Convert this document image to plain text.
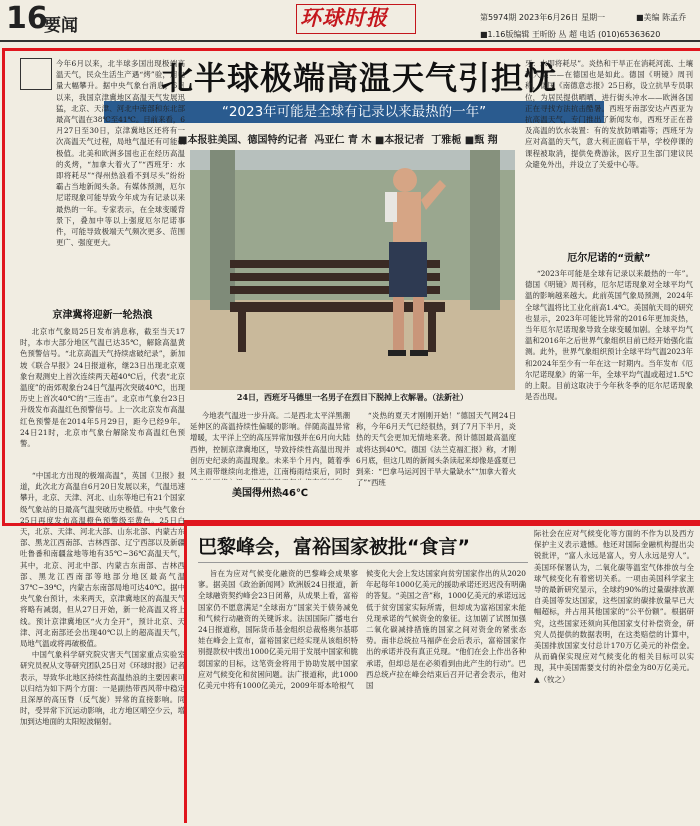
16
要闻	环球时报	第5974期 2023年6月26日 星期一	■美编 陈孟乔
■1.16版编辑 王昕盼 丛 超 电话 (010)65363620
北半球极端高温天气引担忧
“2023年可能是全球有记录以来最热的一年”
■本报驻美国、德国特约记者  冯亚仁 青 木 ■本报记者  丁雅栀 ■甄 翔

今年6月以来，北半球多国出现极端高温天气，民众生活生产遇“烤”验，用电量大幅攀升。据中央气象台消息，6月以来，我国京津冀地区高温天气发展迅猛，北京、天津、河北中南部和东北部最高气温在38℃至41℃。目前来看，6月27日至30日，京津冀地区还将有一次高温天气过程，局地气温还有可能破极值。北美和欧洲多国也正在经历高温的炙烤，“加拿大着火了”“西班牙：水即将耗尽”“得州热浪看不到尽头”纷纷霸占当地新闻头条。有媒体预测，厄尔尼诺现象可能导致今年成为有记录以来最热的一年。专家表示，在全球变暖背景下，叠加中等以上强度厄尔尼诺事件，可能导致极端天气频次更多、范围更广、强度更大。

京津冀将迎新一轮热浪

北京市气象局25日发布消息称，截至当天17时，本市大部分地区气温已达35℃，解除高温黄色预警信号。“北京高温天气持续虐破纪录”，新加坡《联合早报》24日报道称，继23日出现北京观象台观测史上首次连续两天超40℃后，代表“北京温度”的南郊观象台24日气温再次突破40℃，出现历史上首次40℃的“三连击”。北京市气象台23日升级发布高温红色预警信号。上一次北京发布高温红色预警是在2014年5月29日，距今已经9年。24日21时，北京市气象台解除发布高温红色预警。

24日，西班牙马德里一名男子在烈日下脱掉上衣解暑。（法新社）

今地表气温进一步升高。二是西北太平洋黑潮延伸区的高温持续性偏暖的影响。伴随高温异常增暖，太平洋上空的高压异常加强并在6月向大陆西伸，控制京津冀地区，导致持续性高温出现并创历史纪录的高温现象。未来半个月内，随着季风主雨带继续向北推进，江南梅雨结束后，同时

美国得州热46℃

“炎热的夏天才刚刚开始！”德国天气网24日称，今年6月天气已经很热，到了7月下半月，炎热的天气会更加无情地来袭。预计德国最高温度或将达到40℃。德国《法兰克福汇报》称，才刚6月底，但这几周的新闻头条读起来却像是盛夏已到来：“巴拿马运河因干旱大量缺水”“加拿大着火了”“西班

牙：水即将耗尽”。炎热和干旱正在消耗河流、土壤和人类——在德国也是如此。德国《明镜》周刊称，德国《南德意志报》25日称，设立抗旱专员职位，为居民提供晒晒、进行街头冲水——欧洲各国正在寻找方法抗击酷暑。西班牙南部安达卢西亚为抗高温天气，专门推出了新闻发布，西班牙正在普及高温的饮水装置：有的发放防晒霜等；西班牙为应对高温的天气，意大利正面临干旱，学校停课的课程被取消，提供免费游泳，医疗卫生部门建议民众避免外出，并设立了关爱中心等。

厄尔尼诺的“贡献”

“2023年可能是全球有记录以来最热的一年”。德国《明镜》周刊称，厄尔尼诺现象对全球平均气温的影响越来越大。此前英国气象局预测，2024年全球气温将比工业化前高1.4℃。美国航天局的研究也显示，2023年可能比异常的2016年更加炎热，当年厄尔尼诺现象导致全球变暖加剧。全球平均气温和2016年之后世界气象组织目前已经开始强化监测。此外，世界气象组织预计全球平均气温2023年和2024年至少有一年在这一时期内。当年发布《厄尔尼诺现象》的第一年，全球平均气温或超过1.5℃的上限。目前这取决于今年秋冬季的厄尔尼诺现象是否出现。

“中国北方出现的极端高温”，英国《卫报》报道，此次北方高温自6月20日发展以来，气温迅速攀升，北京、天津、河北、山东等地已有21个国家级气象站的日最高气温突破历史极值。中央气象台25日再度发布高温橙色预警级至黄色。25日白天，北京、天津、河北大部、山东北部、内蒙古东部、黑龙江西南部、吉林西部、辽宁西部以及新疆吐鲁番和南疆盆地等地有35℃~36℃高温天气，其中，北京、河北中部、内蒙古东南部、吉林西部、黑龙江西南部等地部分地区最高气温37℃~39℃，内蒙古东南部局地可达40℃。据中央气象台预计，未来两天，京津冀地区的高温天气将略有减弱，但从27日开始，新一轮高温又将上线。预计京津冀地区“火力全开”，预计北京、天津、河北南部还会出现40℃以上的超高温天气，局地气温或将再破极值。

中国气象科学研究院灾害天气国家重点实验室研究员祝从文等研究团队25日对《环球时报》记者表示，导致华北地区持续性高温热浪的主要因素可以归结为如下两个方面：一是副热带西风带中稳定且深厚的高压脊（反气旋）异常的直接影响。同时，受异常下沉运动影响，北方地区晴空少云，增加到达地面的太阳短波辐射。

巴黎峰会，富裕国家被批“食言”

旨在为应对气候变化融资的巴黎峰会成果寥寥。据美国《政治新闻网》欧洲版24日报道，新全球融资契约峰会23日闭幕，从成果上看，富裕国家仍不愿意满足“全球南方”国家关于债务减免和气候行动融资的关键诉求。法国国际广播电台24日报道称，国际货币基金组织总裁格奥尔基耶娃在峰会上宣布，富裕国家已经实现从该组织特别提款权中拨出1000亿美元用于发展中国家和脆弱国家的目标，这笔资金将用于协助发展中国家应对气候变化和贫困问题。法广报道称，此1000亿美元中将有1000亿美元，2009年哥本哈根气

候变化大会上发达国家向贫穷国家作出的从2020年起每年1000亿美元的援助承诺还迟迟没有明确的答复。“美国之音”称，1000亿美元的承诺远远低于贫穷国家实际所需，但却成为富裕国家未能兑现承诺的气候资金的象征。这加剧了试图加强二氧化碳减排措施的国家之间对资金的紧张态势。南非总统拉马福萨在会后表示，富裕国家作出的承诺并没有真正兑现。“他们在会上作出各种承诺，但却总是在必须看到由此产生的行动”。巴西总统卢拉在峰会结束后召开记者会表示，他对国

际社会在应对气候变化等方面的不作为以及西方保护主义表示遗憾。他还对国际金融机构提出尖锐批评，“富人永远是富人，穷人永远是穷人”。美国环保署认为，二氧化碳等温室气体排放与全球气候变化有着密切关系。一项由美国科学家主导的最新研究显示，全球约90%的过量碳排放源自美国等发达国家，这些国家的碳排放量早已大幅超标，并占用其他国家的“公平份额”。根据研究，这些国家还须向其他国家支付补偿资金，研究人员提供的数据表明，在这类赔偿的计算中，美国排放国家支付总计170万亿美元的补偿金。从而确保实现应对气候变化的相关目标可以实现，其中美国需要支付的补偿金为80万亿美元。▲（牧之）
